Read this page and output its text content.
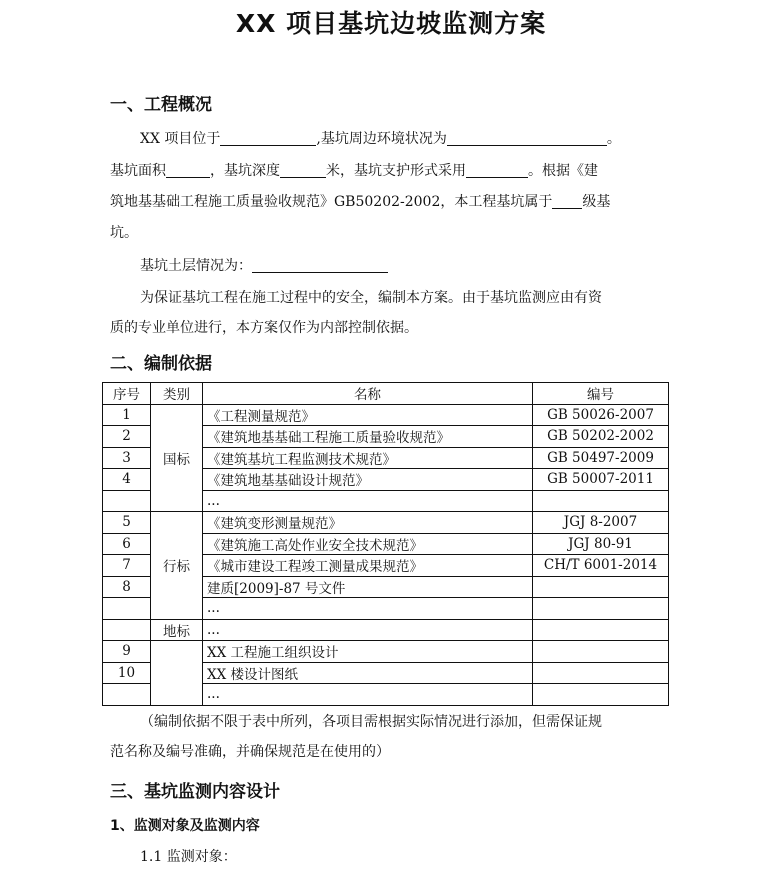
XX 项目基坑边坡监测方案
一、工程概况
XX 项目位于	,基坑周边环境状况为	。
基坑面积	，基坑深度	米，基坑支护形式采用	。根据《建
筑地基基础工程施工质量验收规范》GB50202-2002，本工程基坑属于 级基
坑。
基坑土层情况为：
为保证基坑工程在施工过程中的安全，编制本方案。由于基坑监测应由有资
质的专业单位进行，本方案仅作为内部控制依据。
二、编制依据
序号	类别	名称	编号
1	国标	《工程测量规范》	GB 50026-2007
2		《建筑地基基础工程施工质量验收规范》	GB 50202-2002
3		《建筑基坑工程监测技术规范》	GB 50497-2009
4		《建筑地基基础设计规范》	GB 50007-2011
		...	
5	行标	《建筑变形测量规范》	JGJ 8-2007
6		《建筑施工高处作业安全技术规范》	JGJ 80-91
7		《城市建设工程竣工测量成果规范》	CH/T 6001-2014
8		建质[2009]-87 号文件	
		...	
	地标	...	
9		XX 工程施工组织设计	
10		XX 楼设计图纸	
		...	
（编制依据不限于表中所列，各项目需根据实际情况进行添加，但需保证规
范名称及编号准确，并确保规范是在使用的）
三、基坑监测内容设计
1、监测对象及监测内容
1.1 监测对象：
